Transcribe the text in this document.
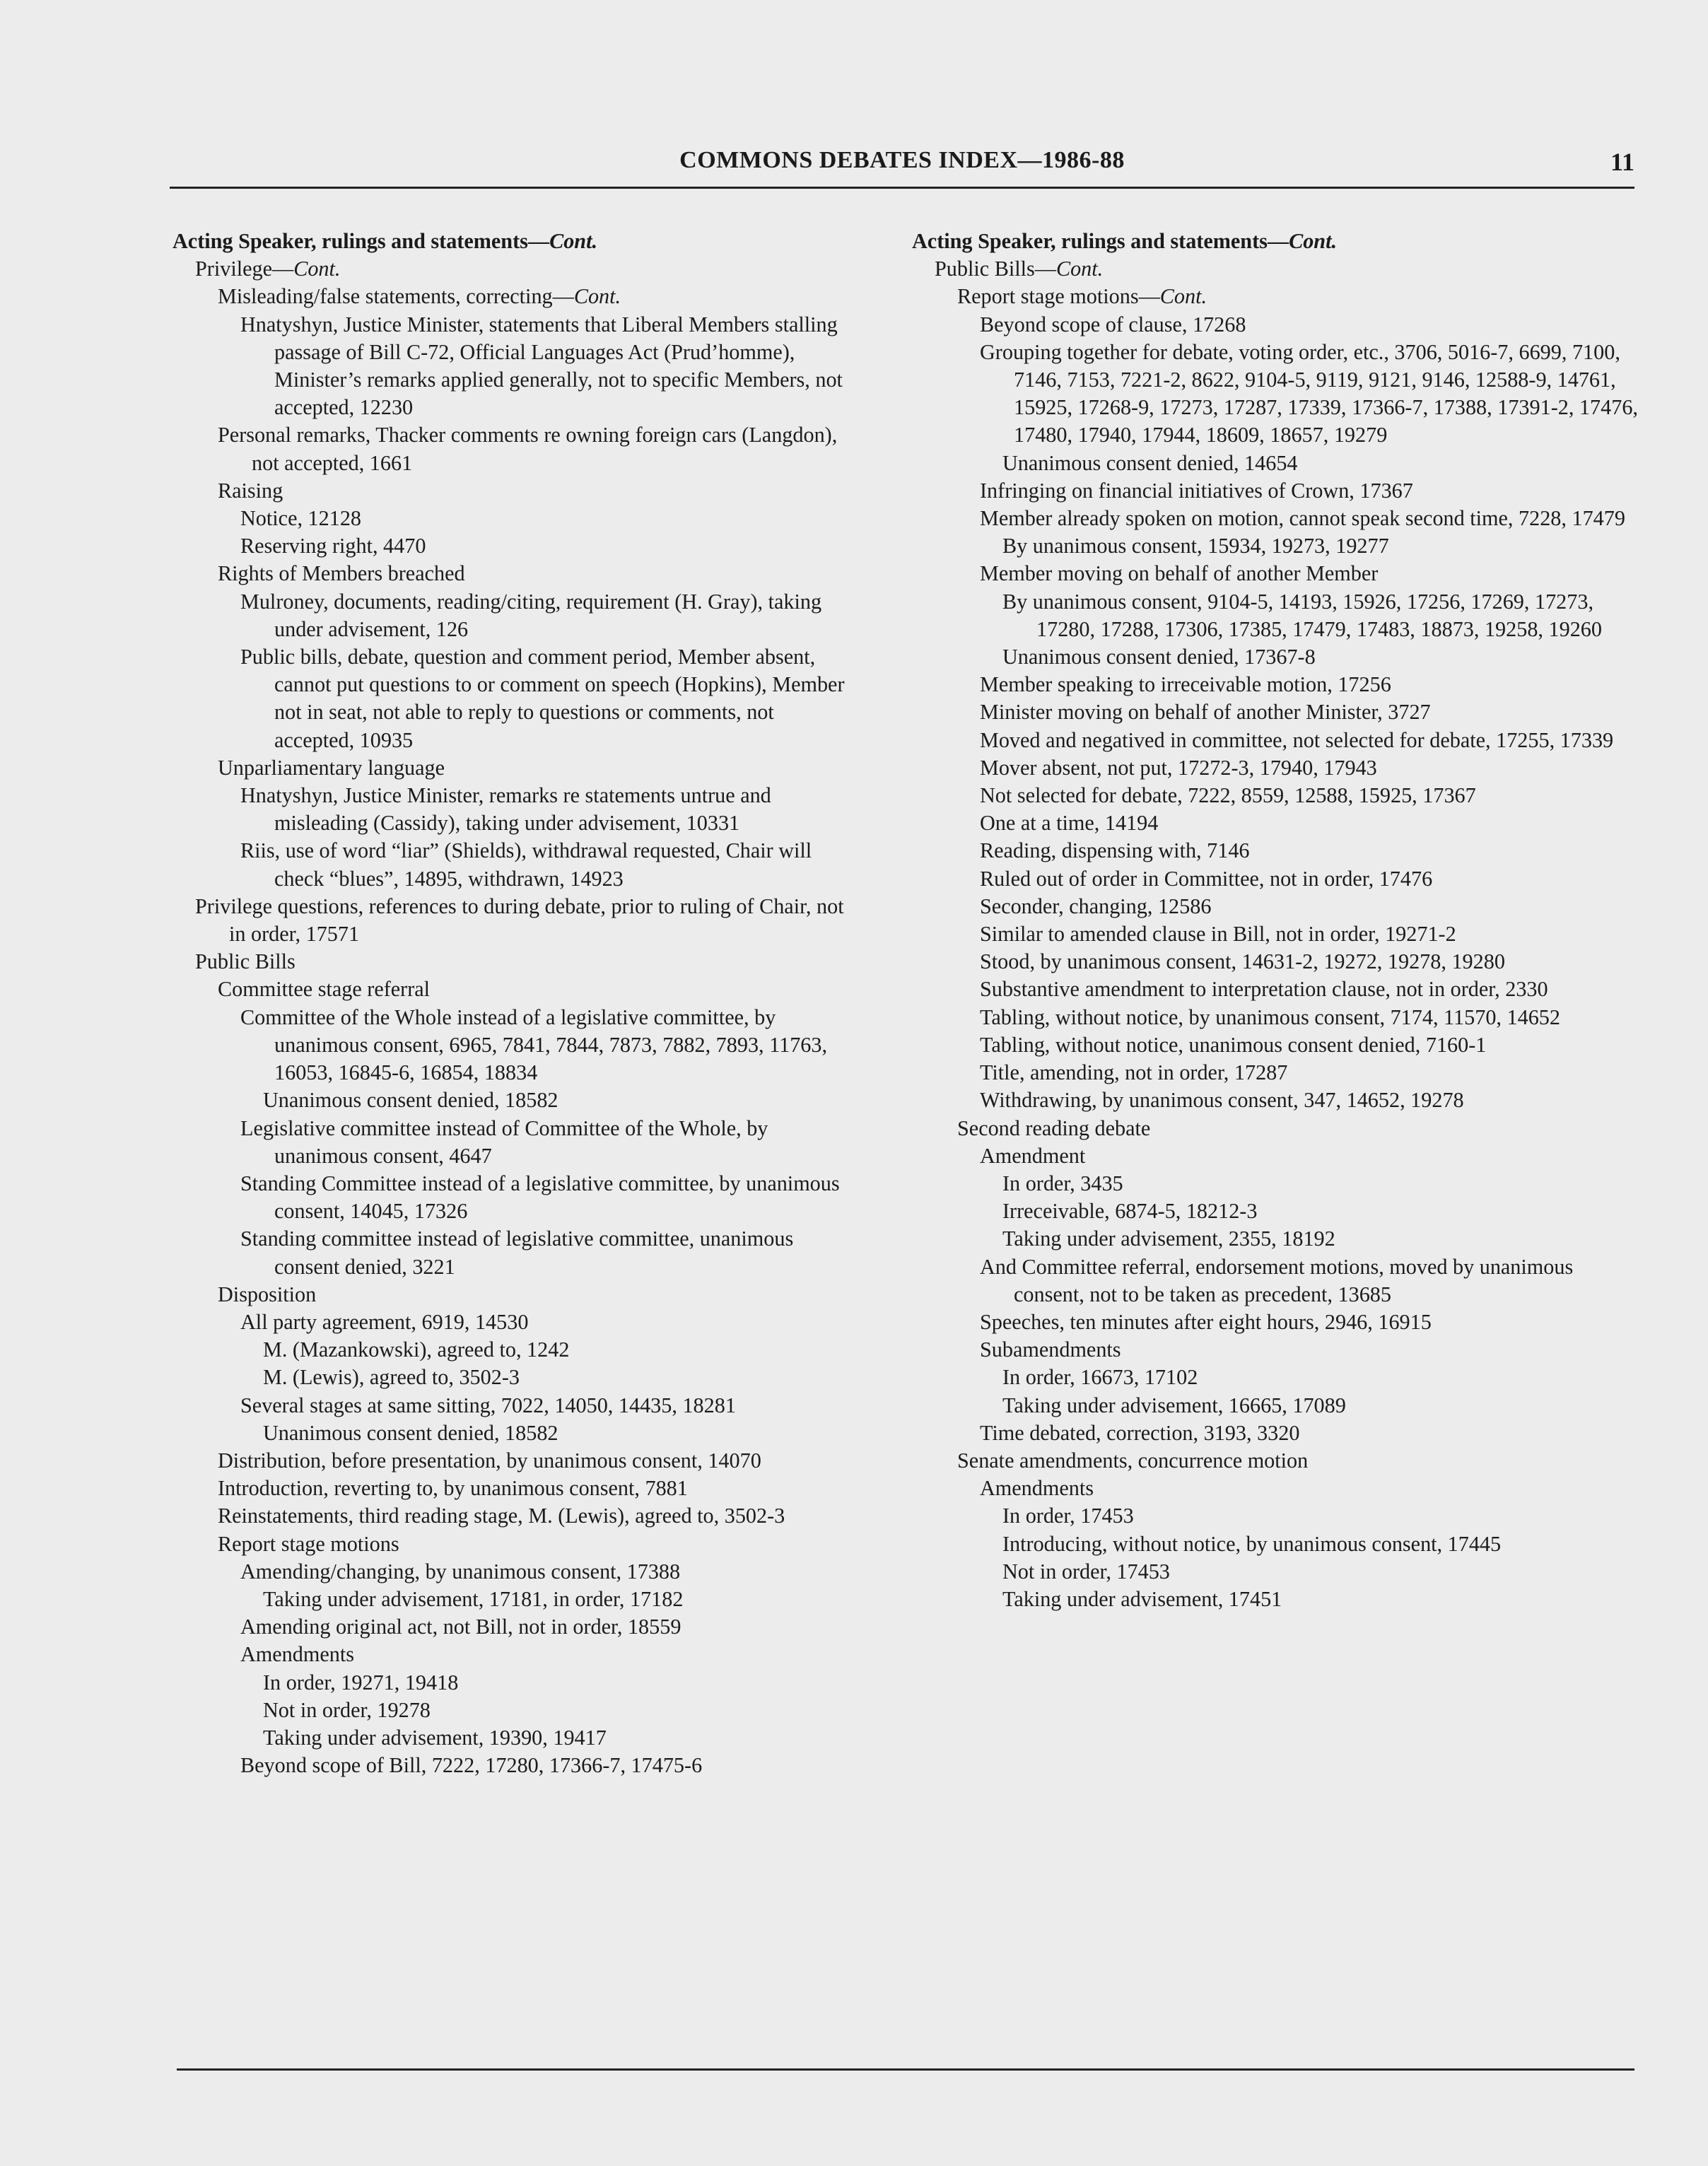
COMMONS DEBATES INDEX—1986-88	11
Acting Speaker, rulings and statements—Cont.
Privilege—Cont.
Misleading/false statements, correcting—Cont.
Hnatyshyn, Justice Minister, statements that Liberal Members stalling passage of Bill C-72, Official Languages Act (Prud’homme), Minister’s remarks applied generally, not to specific Members, not accepted, 12230
Personal remarks, Thacker comments re owning foreign cars (Langdon), not accepted, 1661
Raising
Notice, 12128
Reserving right, 4470
Rights of Members breached
Mulroney, documents, reading/citing, requirement (H. Gray), taking under advisement, 126
Public bills, debate, question and comment period, Member absent, cannot put questions to or comment on speech (Hopkins), Member not in seat, not able to reply to questions or comments, not accepted, 10935
Unparliamentary language
Hnatyshyn, Justice Minister, remarks re statements untrue and misleading (Cassidy), taking under advisement, 10331
Riis, use of word “liar” (Shields), withdrawal requested, Chair will check “blues”, 14895, withdrawn, 14923
Privilege questions, references to during debate, prior to ruling of Chair, not in order, 17571
Public Bills
Committee stage referral
Committee of the Whole instead of a legislative committee, by unanimous consent, 6965, 7841, 7844, 7873, 7882, 7893, 11763, 16053, 16845-6, 16854, 18834
Unanimous consent denied, 18582
Legislative committee instead of Committee of the Whole, by unanimous consent, 4647
Standing Committee instead of a legislative committee, by unanimous consent, 14045, 17326
Standing committee instead of legislative committee, unanimous consent denied, 3221
Disposition
All party agreement, 6919, 14530
M. (Mazankowski), agreed to, 1242
M. (Lewis), agreed to, 3502-3
Several stages at same sitting, 7022, 14050, 14435, 18281
Unanimous consent denied, 18582
Distribution, before presentation, by unanimous consent, 14070
Introduction, reverting to, by unanimous consent, 7881
Reinstatements, third reading stage, M. (Lewis), agreed to, 3502-3
Report stage motions
Amending/changing, by unanimous consent, 17388
Taking under advisement, 17181, in order, 17182
Amending original act, not Bill, not in order, 18559
Amendments
In order, 19271, 19418
Not in order, 19278
Taking under advisement, 19390, 19417
Beyond scope of Bill, 7222, 17280, 17366-7, 17475-6
Acting Speaker, rulings and statements—Cont.
Public Bills—Cont.
Report stage motions—Cont.
Beyond scope of clause, 17268
Grouping together for debate, voting order, etc., 3706, 5016-7, 6699, 7100, 7146, 7153, 7221-2, 8622, 9104-5, 9119, 9121, 9146, 12588-9, 14761, 15925, 17268-9, 17273, 17287, 17339, 17366-7, 17388, 17391-2, 17476, 17480, 17940, 17944, 18609, 18657, 19279
Unanimous consent denied, 14654
Infringing on financial initiatives of Crown, 17367
Member already spoken on motion, cannot speak second time, 7228, 17479
By unanimous consent, 15934, 19273, 19277
Member moving on behalf of another Member
By unanimous consent, 9104-5, 14193, 15926, 17256, 17269, 17273, 17280, 17288, 17306, 17385, 17479, 17483, 18873, 19258, 19260
Unanimous consent denied, 17367-8
Member speaking to irreceivable motion, 17256
Minister moving on behalf of another Minister, 3727
Moved and negatived in committee, not selected for debate, 17255, 17339
Mover absent, not put, 17272-3, 17940, 17943
Not selected for debate, 7222, 8559, 12588, 15925, 17367
One at a time, 14194
Reading, dispensing with, 7146
Ruled out of order in Committee, not in order, 17476
Seconder, changing, 12586
Similar to amended clause in Bill, not in order, 19271-2
Stood, by unanimous consent, 14631-2, 19272, 19278, 19280
Substantive amendment to interpretation clause, not in order, 2330
Tabling, without notice, by unanimous consent, 7174, 11570, 14652
Tabling, without notice, unanimous consent denied, 7160-1
Title, amending, not in order, 17287
Withdrawing, by unanimous consent, 347, 14652, 19278
Second reading debate
Amendment
In order, 3435
Irreceivable, 6874-5, 18212-3
Taking under advisement, 2355, 18192
And Committee referral, endorsement motions, moved by unanimous consent, not to be taken as precedent, 13685
Speeches, ten minutes after eight hours, 2946, 16915
Subamendments
In order, 16673, 17102
Taking under advisement, 16665, 17089
Time debated, correction, 3193, 3320
Senate amendments, concurrence motion
Amendments
In order, 17453
Introducing, without notice, by unanimous consent, 17445
Not in order, 17453
Taking under advisement, 17451
